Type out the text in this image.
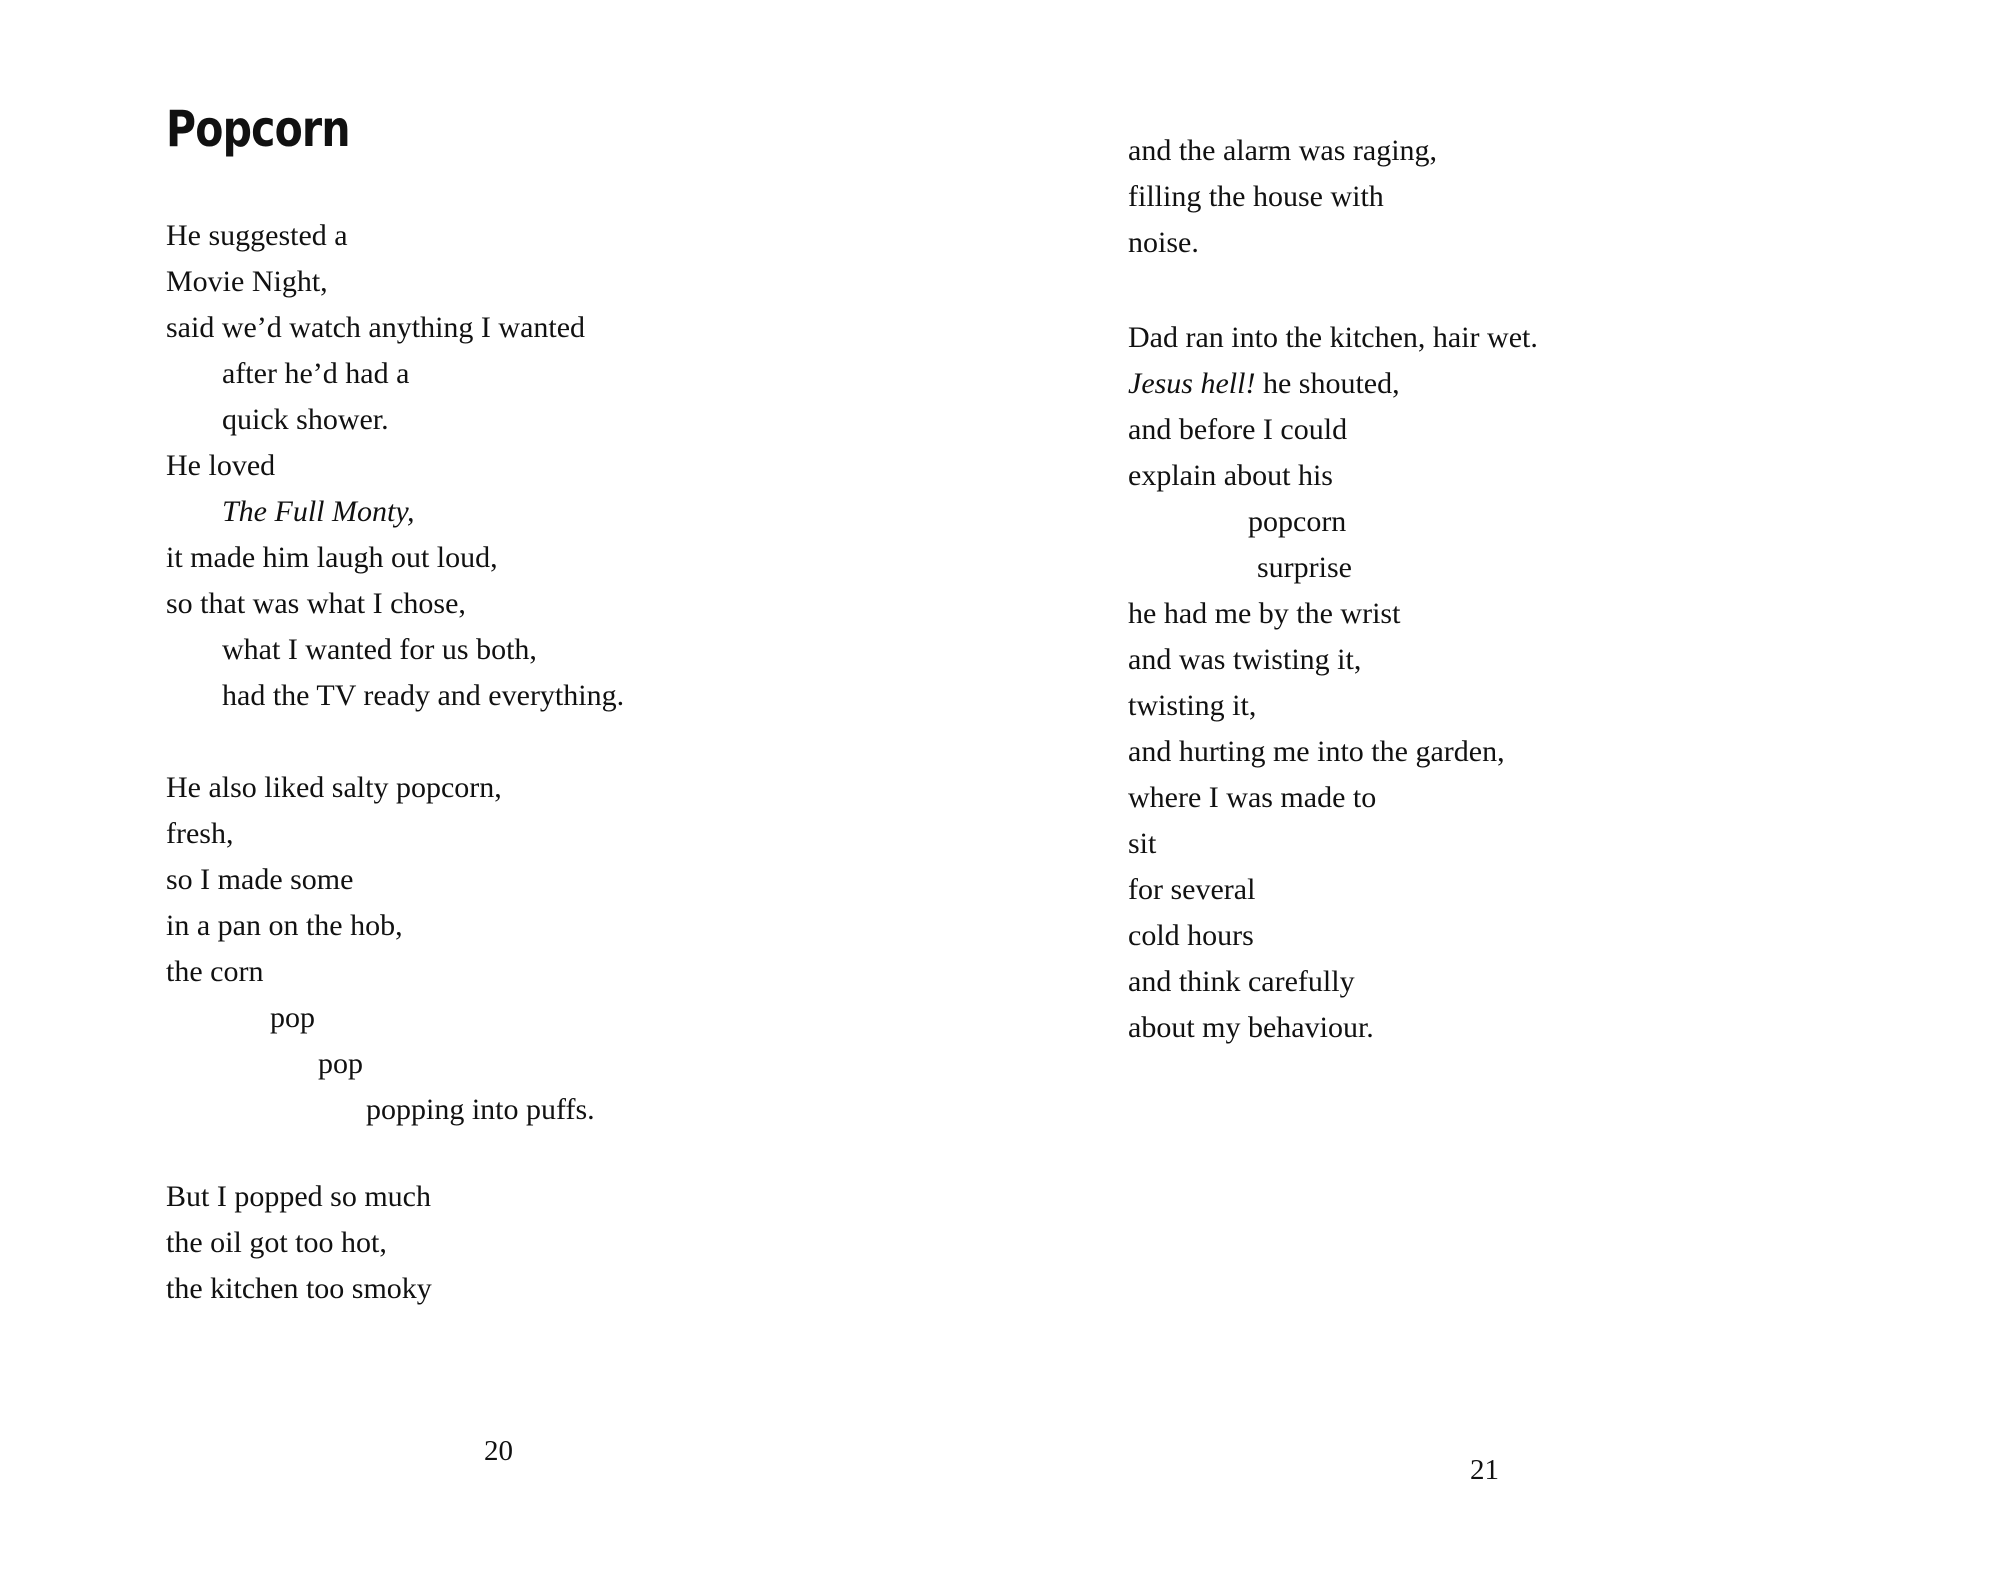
Popcorn
He suggested a
Movie Night,
said we’d watch anything I wanted
after he’d had a
quick shower.
He loved
The Full Monty,
it made him laugh out loud,
so that was what I chose,
what I wanted for us both,
had the TV ready and everything.
He also liked salty popcorn,
fresh,
so I made some
in a pan on the hob,
the corn
pop
pop
popping into puffs.
But I popped so much
the oil got too hot,
the kitchen too smoky
20
and the alarm was raging,
filling the house with
noise.
Dad ran into the kitchen, hair wet.
Jesus hell! he shouted,
and before I could
explain about his
popcorn
surprise
he had me by the wrist
and was twisting it,
twisting it,
and hurting me into the garden,
where I was made to
sit
for several
cold hours
and think carefully
about my behaviour.
21
